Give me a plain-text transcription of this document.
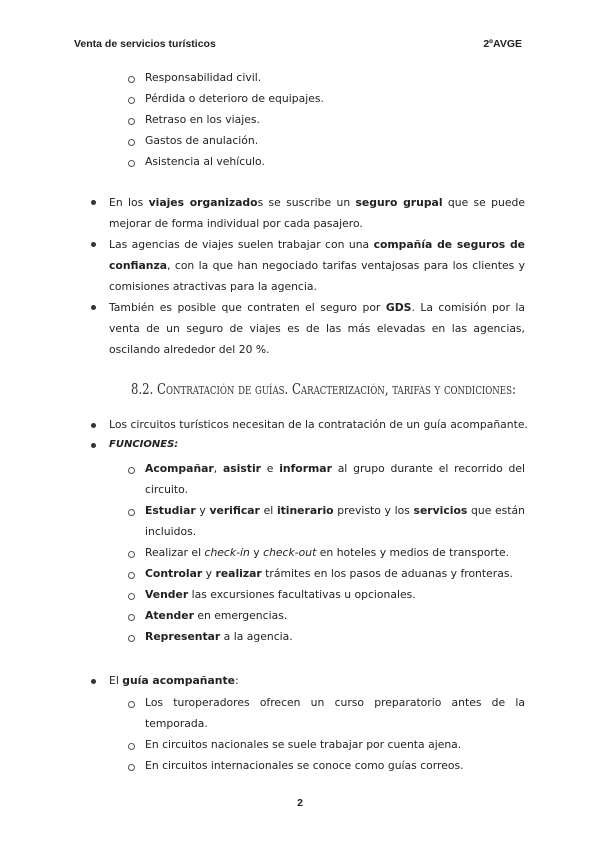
Venta de servicios turísticos	2ºAVGE
Responsabilidad civil.
Pérdida o deterioro de equipajes.
Retraso en los viajes.
Gastos de anulación.
Asistencia al vehículo.
En los viajes organizados se suscribe un seguro grupal que se puede
mejorar de forma individual por cada pasajero.
Las agencias de viajes suelen trabajar con una compañía de seguros de
confianza, con la que han negociado tarifas ventajosas para los clientes y
comisiones atractivas para la agencia.
También es posible que contraten el seguro por GDS. La comisión por la
venta de un seguro de viajes es de las más elevadas en las agencias,
oscilando alrededor del 20 %.
8.2. Contratación de guías. Caracterización, tarifas y condiciones:
Los circuitos turísticos necesitan de la contratación de un guía acompañante.
FUNCIONES:
Acompañar, asistir e informar al grupo durante el recorrido del
circuito.
Estudiar y verificar el itinerario previsto y los servicios que están
incluidos.
Realizar el check-in y check-out en hoteles y medios de transporte.
Controlar y realizar trámites en los pasos de aduanas y fronteras.
Vender las excursiones facultativas u opcionales.
Atender en emergencias.
Representar a la agencia.
El guía acompañante:
Los turoperadores ofrecen un curso preparatorio antes de la
temporada.
En circuitos nacionales se suele trabajar por cuenta ajena.
En circuitos internacionales se conoce como guías correos.
2
